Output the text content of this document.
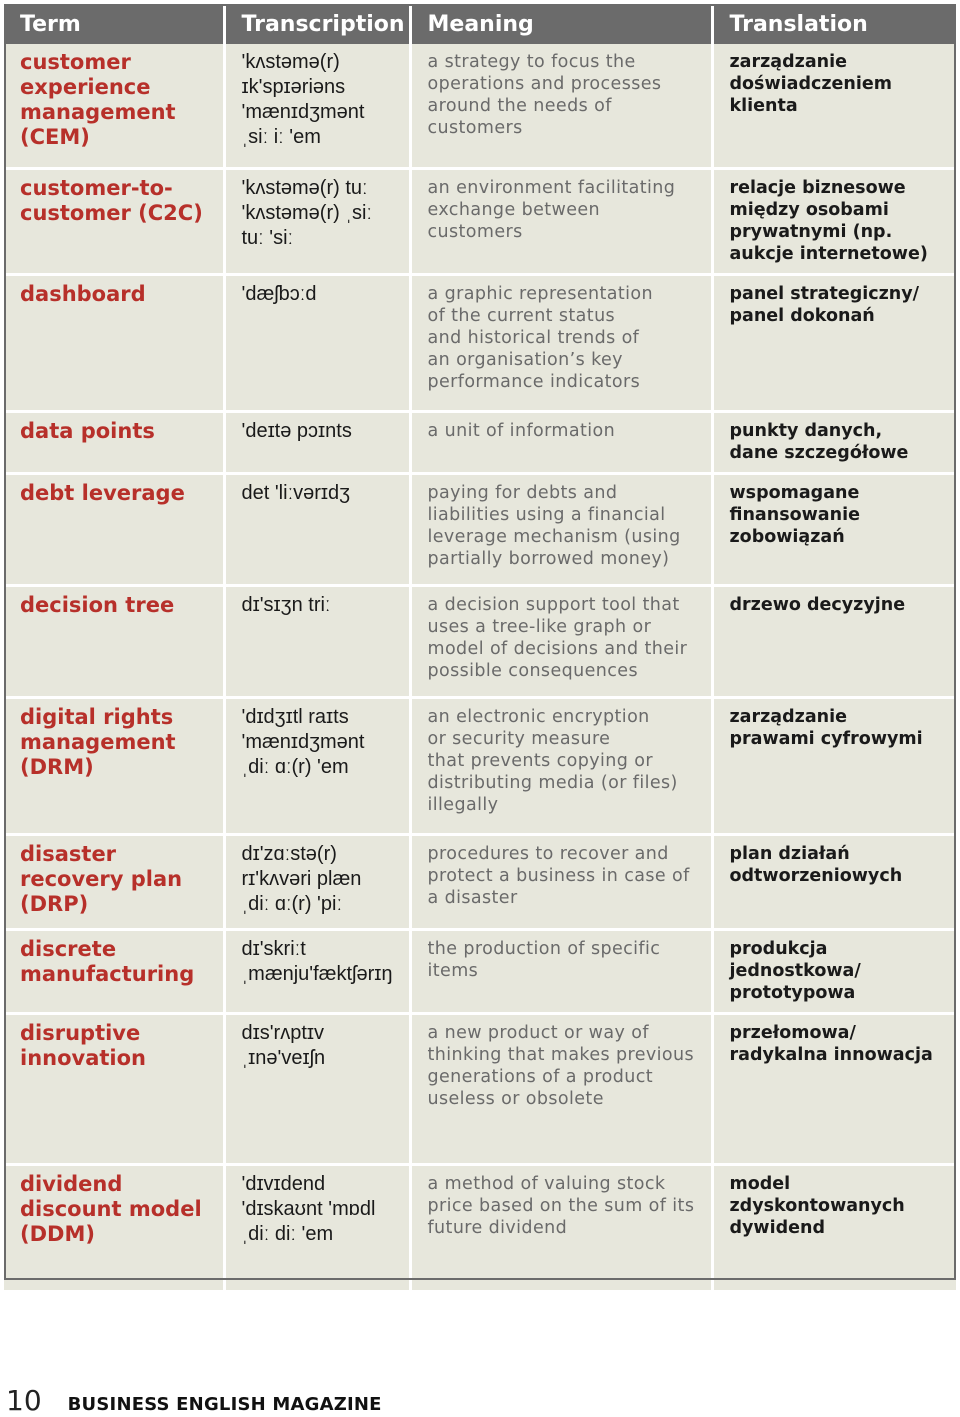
Term	Transcription	Meaning	Translation

customer
experience
management
(CEM)	'kʌstəmə(r)
ɪk'spɪəriəns
'mænɪdʒmənt
ˌsiː iː 'em	a strategy to focus the
operations and processes
around the needs of
customers	zarządzanie
doświadczeniem
klienta

customer-to-
customer (C2C)	'kʌstəmə(r) tuː
'kʌstəmə(r) ˌsiː
tuː 'siː	an environment facilitating
exchange between
customers	relacje biznesowe
między osobami
prywatnymi (np.
aukcje internetowe)

dashboard	'dæʃbɔːd	a graphic representation
of the current status
and historical trends of
an organisation’s key
performance indicators	panel strategiczny/
panel dokonań

data points	'deɪtə pɔɪnts	a unit of information	punkty danych,
dane szczegółowe

debt leverage	det 'liːvərɪdʒ	paying for debts and
liabilities using a financial
leverage mechanism (using
partially borrowed money)	wspomagane
finansowanie
zobowiązań

decision tree	dɪ'sɪʒn triː	a decision support tool that
uses a tree-like graph or
model of decisions and their
possible consequences	drzewo decyzyjne

digital rights
management
(DRM)	'dɪdʒɪtl raɪts
'mænɪdʒmənt
ˌdiː ɑː(r) 'em	an electronic encryption
or security measure
that prevents copying or
distributing media (or files)
illegally	zarządzanie
prawami cyfrowymi

disaster
recovery plan
(DRP)	dɪ'zɑːstə(r)
rɪ'kʌvəri plæn
ˌdiː ɑː(r) 'piː	procedures to recover and
protect a business in case of
a disaster	plan działań
odtworzeniowych

discrete
manufacturing	dɪ'skriːt
ˌmænju'fæktʃərɪŋ	the production of specific
items	produkcja
jednostkowa/
prototypowa

disruptive
innovation	dɪs'rʌptɪv
ˌɪnə'veɪʃn	a new product or way of
thinking that makes previous
generations of a product
useless or obsolete	przełomowa/
radykalna innowacja

dividend
discount model
(DDM)	'dɪvɪdend
'dɪskaʊnt 'mɒdl
ˌdiː diː 'em	a method of valuing stock
price based on the sum of its
future dividend	model
zdyskontowanych
dywidend
10 BUSINESS ENGLISH MAGAZINE
